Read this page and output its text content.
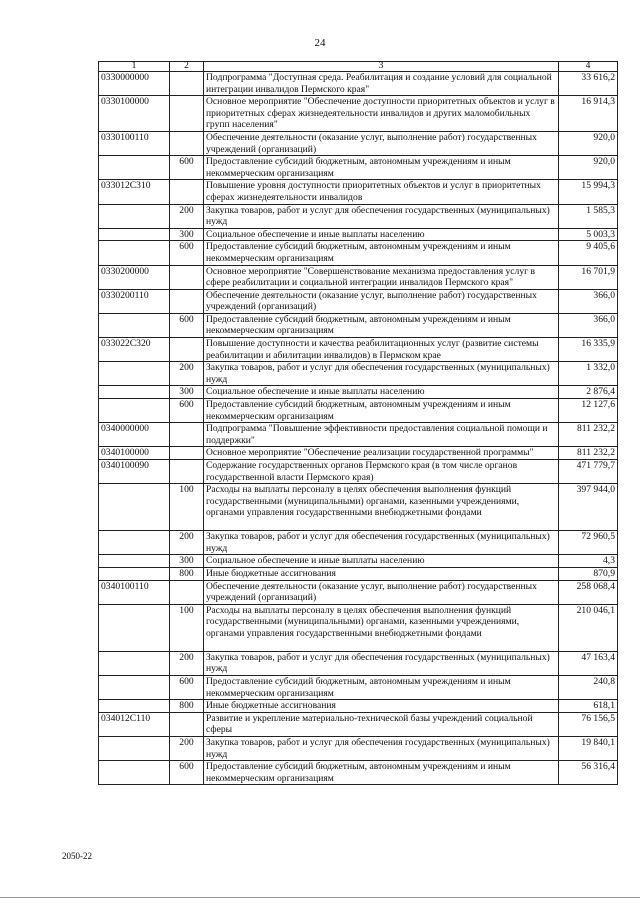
24
1	2	3	4
0330000000		Подпрограмма "Доступная среда. Реабилитация и создание условий для социальной интеграции инвалидов Пермского края"	33 616,2
0330100000		Основное мероприятие "Обеспечение доступности приоритетных объектов и услуг в приоритетных сферах жизнедеятельности инвалидов и других маломобильных групп населения"	16 914,3
0330100110		Обеспечение деятельности (оказание услуг, выполнение работ) государственных учреждений (организаций)	920,0
	600	Предоставление субсидий бюджетным, автономным учреждениям и иным некоммерческим организациям	920,0
033012С310		Повышение уровня доступности приоритетных объектов и услуг в приоритетных сферах жизнедеятельности инвалидов	15 994,3
	200	Закупка товаров, работ и услуг для обеспечения государственных (муниципальных) нужд	1 585,3
	300	Социальное обеспечение и иные выплаты населению	5 003,3
	600	Предоставление субсидий бюджетным, автономным учреждениям и иным некоммерческим организациям	9 405,6
0330200000		Основное мероприятие "Совершенствование механизма предоставления услуг в сфере реабилитации и социальной интеграции инвалидов Пермского края"	16 701,9
0330200110		Обеспечение деятельности (оказание услуг, выполнение работ) государственных учреждений (организаций)	366,0
	600	Предоставление субсидий бюджетным, автономным учреждениям и иным некоммерческим организациям	366,0
033022С320		Повышение доступности и качества реабилитационных услуг (развитие системы реабилитации и абилитации инвалидов) в Пермском крае	16 335,9
	200	Закупка товаров, работ и услуг для обеспечения государственных (муниципальных) нужд	1 332,0
	300	Социальное обеспечение и иные выплаты населению	2 876,4
	600	Предоставление субсидий бюджетным, автономным учреждениям и иным некоммерческим организациям	12 127,6
0340000000		Подпрограмма "Повышение эффективности предоставления социальной помощи и поддержки"	811 232,2
0340100000		Основное мероприятие "Обеспечение реализации государственной программы"	811 232,2
0340100090		Содержание государственных органов Пермского края (в том числе органов государственной власти Пермского края)	471 779,7
	100	Расходы на выплаты персоналу в целях обеспечения выполнения функций государственными (муниципальными) органами, казенными учреждениями, органами управления государственными внебюджетными фондами	397 944,0
	200	Закупка товаров, работ и услуг для обеспечения государственных (муниципальных) нужд	72 960,5
	300	Социальное обеспечение и иные выплаты населению	4,3
	800	Иные бюджетные ассигнования	870,9
0340100110		Обеспечение деятельности (оказание услуг, выполнение работ) государственных учреждений (организаций)	258 068,4
	100	Расходы на выплаты персоналу в целях обеспечения выполнения функций государственными (муниципальными) органами, казенными учреждениями, органами управления государственными внебюджетными фондами	210 046,1
	200	Закупка товаров, работ и услуг для обеспечения государственных (муниципальных) нужд	47 163,4
	600	Предоставление субсидий бюджетным, автономным учреждениям и иным некоммерческим организациям	240,8
	800	Иные бюджетные ассигнования	618,1
034012С110		Развитие и укрепление материально-технической базы учреждений социальной сферы	76 156,5
	200	Закупка товаров, работ и услуг для обеспечения государственных (муниципальных) нужд	19 840,1
	600	Предоставление субсидий бюджетным, автономным учреждениям и иным некоммерческим организациям	56 316,4
2050-22
